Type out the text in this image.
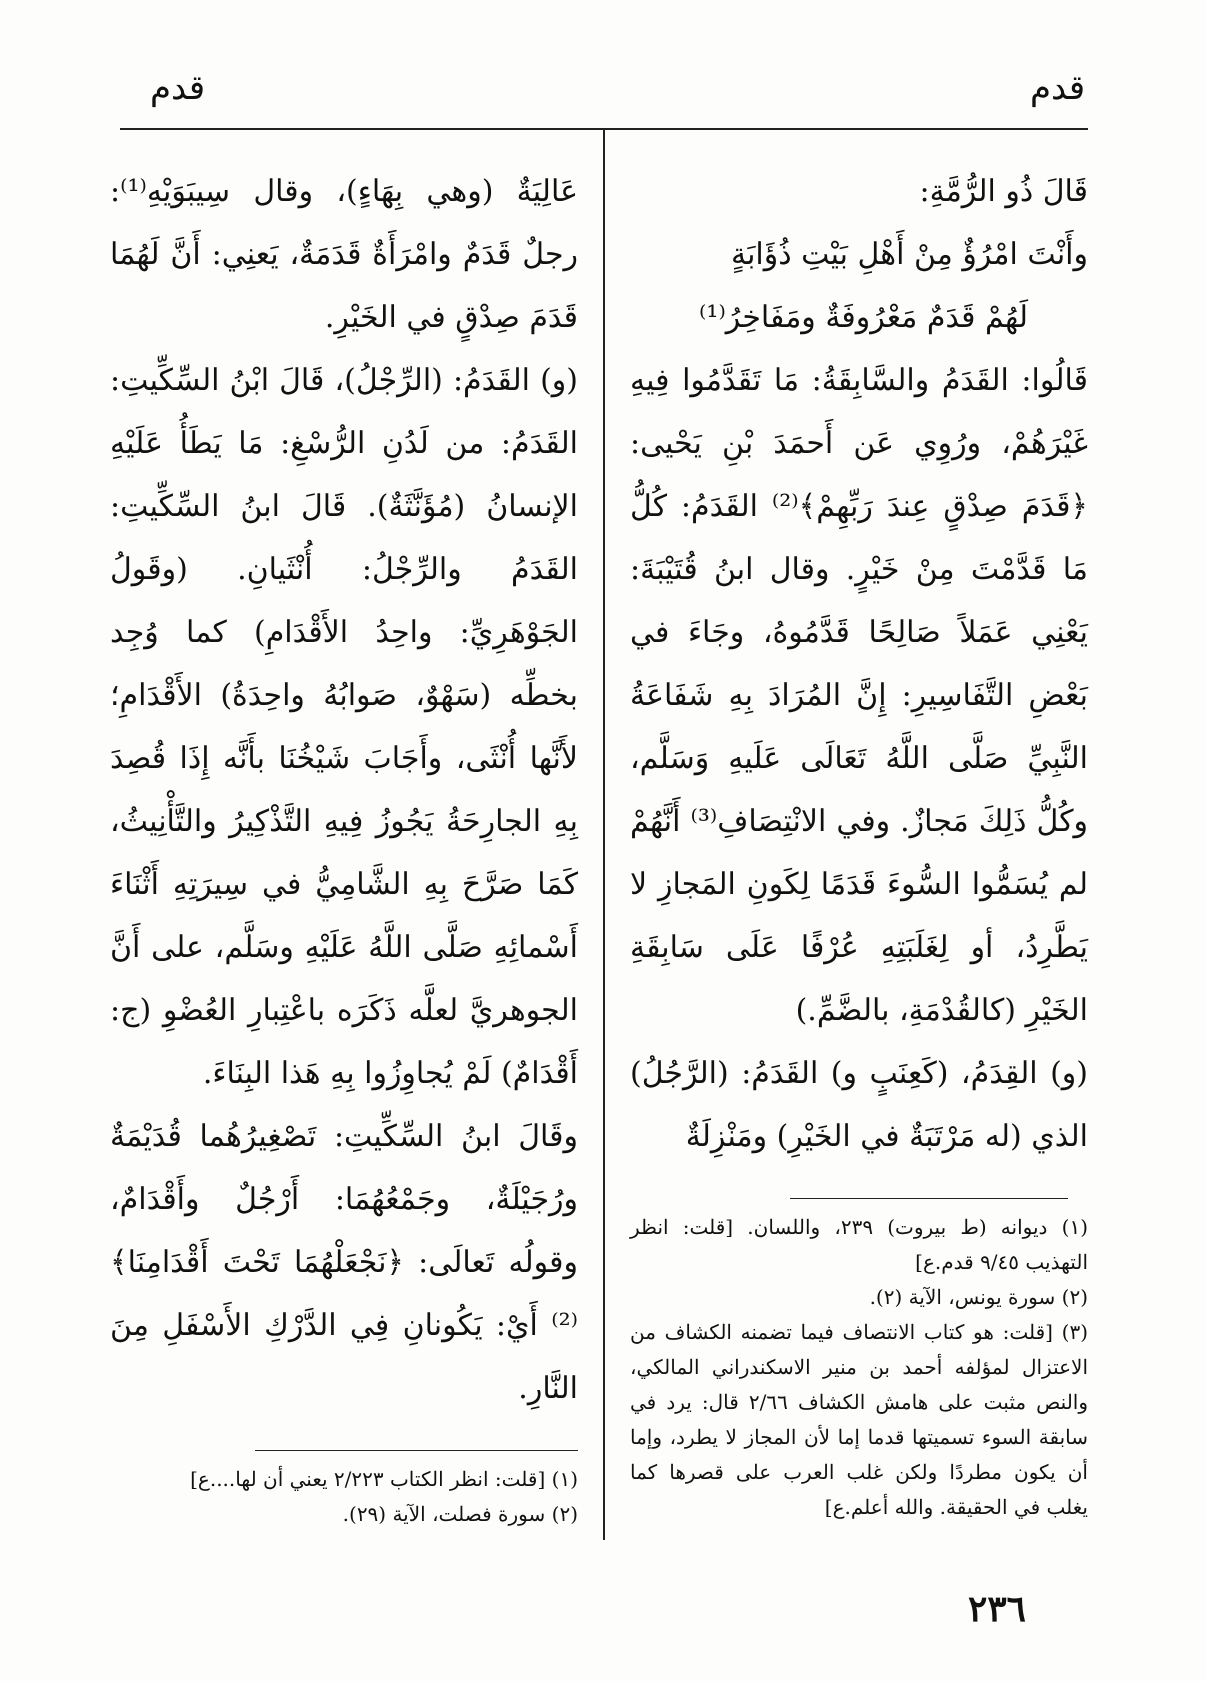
قدم
قدم

قَالَ ذُو الرُّمَّةِ:

وأَنْتَ امْرُؤٌ مِنْ أَهْلِ بَيْتِ ذُؤَابَةٍ

لَهُمْ قَدَمٌ مَعْرُوفَةٌ ومَفَاخِرُ⁽¹⁾

قَالُوا: القَدَمُ والسَّابِقَةُ: مَا تَقَدَّمُوا فِيهِ غَيْرَهُمْ، ورُوِي عَن أَحمَدَ بْنِ يَحْيى: ﴿قَدَمَ صِدْقٍ عِندَ رَبِّهِمْ﴾⁽²⁾ القَدَمُ: كُلُّ مَا قَدَّمْتَ مِنْ خَيْرٍ. وقال ابنُ قُتَيْبَةَ: يَعْنِي عَمَلاً صَالِحًا قَدَّمُوهُ، وجَاءَ في بَعْضِ التَّفَاسِيرِ: إِنَّ المُرَادَ بِهِ شَفَاعَةُ النَّبِيِّ صَلَّى اللَّهُ تَعَالَى عَلَيهِ وَسَلَّم، وكُلُّ ذَلِكَ مَجازٌ. وفي الانْتِصَافِ⁽³⁾ أَنَّهُمْ لم يُسَمُّوا السُّوءَ قَدَمًا لِكَونِ المَجازِ لا يَطَّرِدُ، أو لِغَلَبَتِهِ عُرْفًا عَلَى سَابِقَةِ الخَيْرِ (كالقُدْمَةِ، بالضَّمِّ.)

(و) القِدَمُ، (كَعِنَبٍ و) القَدَمُ: (الرَّجُلُ) الذي (له مَرْتَبَةٌ في الخَيْرِ) ومَنْزِلَةٌ

(١) ديوانه (ط بيروت) ٢٣٩، واللسان. [قلت: انظر التهذيب ٩/٤٥ قدم.ع]

(٢) سورة يونس، الآية (٢).

(٣) [قلت: هو كتاب الانتصاف فيما تضمنه الكشاف من الاعتزال لمؤلفه أحمد بن منير الاسكندراني المالكي، والنص مثبت على هامش الكشاف ٢/٦٦ قال: يرد في سابقة السوء تسميتها قدما إما لأن المجاز لا يطرد، وإما أن يكون مطردًا ولكن غلب العرب على قصرها كما يغلب في الحقيقة. والله أعلم.ع]

عَالِيَةٌ (وهي بِهَاءٍ)، وقال سِيبَوَيْهِ⁽¹⁾: رجلٌ قَدَمٌ وامْرَأَةٌ قَدَمَةٌ، يَعنِي: أَنَّ لَهُمَا قَدَمَ صِدْقٍ في الخَيْرِ.

(و) القَدَمُ: (الرِّجْلُ)، قَالَ ابْنُ السِّكِّيتِ: القَدَمُ: من لَدُنِ الرُّسْغِ: مَا يَطَأُ عَلَيْهِ الإنسانُ (مُؤَنَّثَةٌ). قَالَ ابنُ السِّكِّيتِ: القَدَمُ والرِّجْلُ: أُنْثَيانِ. (وقَولُ الجَوْهَرِيِّ: واحِدُ الأَقْدَامِ) كما وُجِد بخطِّه (سَهْوٌ، صَوابُهُ واحِدَةُ) الأَقْدَامِ؛ لأَنَّها أُنْثَى، وأَجَابَ شَيْخُنَا بأَنَّه إِذَا قُصِدَ بِهِ الجارِحَةُ يَجُوزُ فِيهِ التَّذْكِيرُ والتَّأْنِيثُ، كَمَا صَرَّحَ بِهِ الشَّامِيُّ في سِيرَتِهِ أَثْنَاءَ أَسْمائِهِ صَلَّى اللَّهُ عَلَيْهِ وسَلَّم، على أَنَّ الجوهريَّ لعلَّه ذَكَرَه باعْتِبارِ العُضْوِ (ج: أَقْدَامٌ) لَمْ يُجاوِزُوا بِهِ هَذا البِنَاءَ.

وقَالَ ابنُ السِّكِّيتِ: تَصْغِيرُهُما قُدَيْمَةٌ ورُجَيْلَةٌ، وجَمْعُهُمَا: أَرْجُلٌ وأَقْدَامٌ، وقولُه تَعالَى: ﴿نَجْعَلْهُمَا تَحْتَ أَقْدَامِنَا﴾⁽²⁾ أَيْ: يَكُونانِ فِي الدَّرْكِ الأَسْفَلِ مِنَ النَّارِ.

(١) [قلت: انظر الكتاب ٢/٢٢٣ يعني أن لها....ع]

(٢) سورة فصلت، الآية (٢٩).

٢٣٦
